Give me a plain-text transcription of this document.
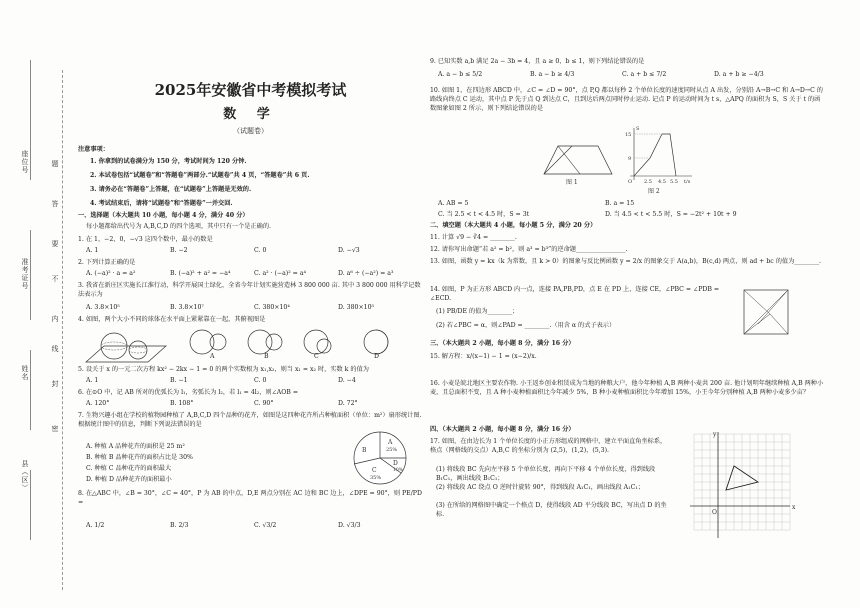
座位号
准考证号
姓名
县（区）
题
答
要
不
内
线
封
密
2025年安徽省中考模拟考试
数 学
（试题卷）
注意事项：
1. 你拿到的试卷满分为 150 分，考试时间为 120 分钟.
2. 本试卷包括“试题卷”和“答题卷”两部分.“试题卷”共 4 页，“答题卷”共 6 页.
3. 请务必在“答题卷”上答题，在“试题卷”上答题是无效的.
4. 考试结束后，请将“试题卷”和“答题卷”一并交回.
一、选择题（本大题共 10 小题，每小题 4 分，满分 40 分）
每小题都给出代号为 A,B,C,D 的四个选项，其中只有一个是正确的.
1. 在 1，−2，0，−√3 这四个数中，最小的数是
A. 1	B. −2	C. 0	D. −√3
2. 下列计算正确的是
A. (−a)² · a = a²	B. (−a)² + a² = −a⁴	C. a² · (−a)² = a⁴	D. a⁶ ÷ (−a²) = a³
3. 我省在新庄区实施长江淮行动，科学开展国土绿化，全省今年计划实施营造林 3 800 000 亩. 其中 3 800 000 用科学记数法表示为
A. 3.8×10⁵	B. 3.8×10⁷	C. 380×10⁴	D. 380×10⁵
4. 如图，两个大小不同的球体在水平面上紧紧靠在一起，其俯视图是
A	B	C	D
5. 设关于 x 的一元二次方程 kx² − 2kx − 1 = 0 的两个实数根为 x₁,x₂，则当 x₁ = x₂ 时，实数 k 的值为
A. 1	B. −1	C. 0	D. −4
6. 在⊙O 中，记 AB 所对的优弧长为 l₁，劣弧长为 l₂，若 l₁ = 4l₂，则∠AOB =
A. 120°	B. 108°	C. 90°	D. 72°
7. 生物兴趣小组在学校的植物园种植了 A,B,C,D 四个品种的花卉，如图是这四种花卉所占种植面积（单位：m²）扇形统计图. 根据统计图中的信息，判断下列说法错误的是
A. 种植 A 品种花卉的面积是 25 m²
B. 种植 B 品种花卉的面积占比是 30%
C. 种植 C 品种花卉的面积最大
D. 种植 D 品种花卉的面积最小
A
25%
B
C
35%
D
10%
8. 在△ABC 中，∠B = 30°，∠C = 40°，P 为 AB 的中点，D,E 两点分别在 AC 边和 BC 边上，∠DPE = 90°，则 PE/PD =
A. 1/2	B. 2/3	C. √3/2	D. √3/3
9. 已知实数 a,b 满足 2a − 3b = 4，且 a ≥ 0，b ≤ 1，则下列结论错误的是
A. a − b ≤ 5/2	B. a − b ≥ 4/3	C. a + b ≤ 7/2	D. a + b ≥ −4/3
10. 如图 1，在四边形 ABCD 中，∠C = ∠D = 90°，点 P,Q 都以每秒 2 个单位长度的速度同时从点 A 出发，分别沿 A→B→C 和 A→D→C 的路线向终点 C 运动，其中点 P 先于点 Q 到达点 C，且到达后两点同时停止运动. 记点 P 的运动时间为 t s，△APQ 的面积为 S，S 关于 t 的函数图象如图 2 所示，则下列结论错误的是
图 1
S
t/s
15
9
O 2.5 4.5 5.5
图 2
A. AB = 5	B. a = 15
C. 当 2.5 < t < 4.5 时，S = 3t	D. 当 4.5 < t < 5.5 时，S = −2t² + 10t + 9
二、填空题（本大题共 4 小题，每小题 5 分，满分 20 分）
11. 计算 √9 − ∛4 = ________.
12. 请你写出命题“若 a² = b²，则 a³ = b³”的逆命题________________.
13. 如图，函数 y = kx（k 为常数，且 k > 0）的图象与反比例函数 y = 2/x 的图象交于 A(a,b)，B(c,d) 两点，则 ad + bc 的值为________.
14. 如图，P 为正方形 ABCD 内一点，连接 PA,PB,PD，点 E 在 PD 上，连接 CE，∠PBC = ∠PDB = ∠ECD.
(1) PB/DE 的值为________；
(2) 若∠PBC = α，则∠PAD = ________.（用含 α 的式子表示）
三、（本大题共 2 小题，每小题 8 分，满分 16 分）
15. 解方程：x/(x−1) − 1 = (x−2)/x.
16. 小麦是皖北地区主要农作物. 小王返乡创业租赁成为当地的种粮大户，他今年种植 A,B 两种小麦共 200 亩. 他计划明年继续种植 A,B 两种小麦，且总面积不变，且 A 种小麦种植面积比今年减少 5%，B 种小麦种植面积比今年增加 15%，小王今年分别种植 A,B 两种小麦多少亩？
四、（本大题共 2 小题，每小题 8 分，满分 16 分）
17. 如图，在由边长为 1 个单位长度的小正方形组成的网格中，建立平面直角坐标系，格点（网格线的交点）A,B,C 的坐标分别为 (2,5)，(1,2)，(5,3).
(1) 将线段 BC 先向左平移 5 个单位长度，再向下平移 4 个单位长度，得到线段 B₁C₁，画出线段 B₁C₁；
(2) 将线段 AC 绕点 O 逆时针旋转 90°，得到线段 A₁C₁，画出线段 A₁C₁；
(3) 在所给的网格图中确定一个格点 D，使得线段 AD 平分线段 BC，写出点 D 的坐标.
x
y
O
